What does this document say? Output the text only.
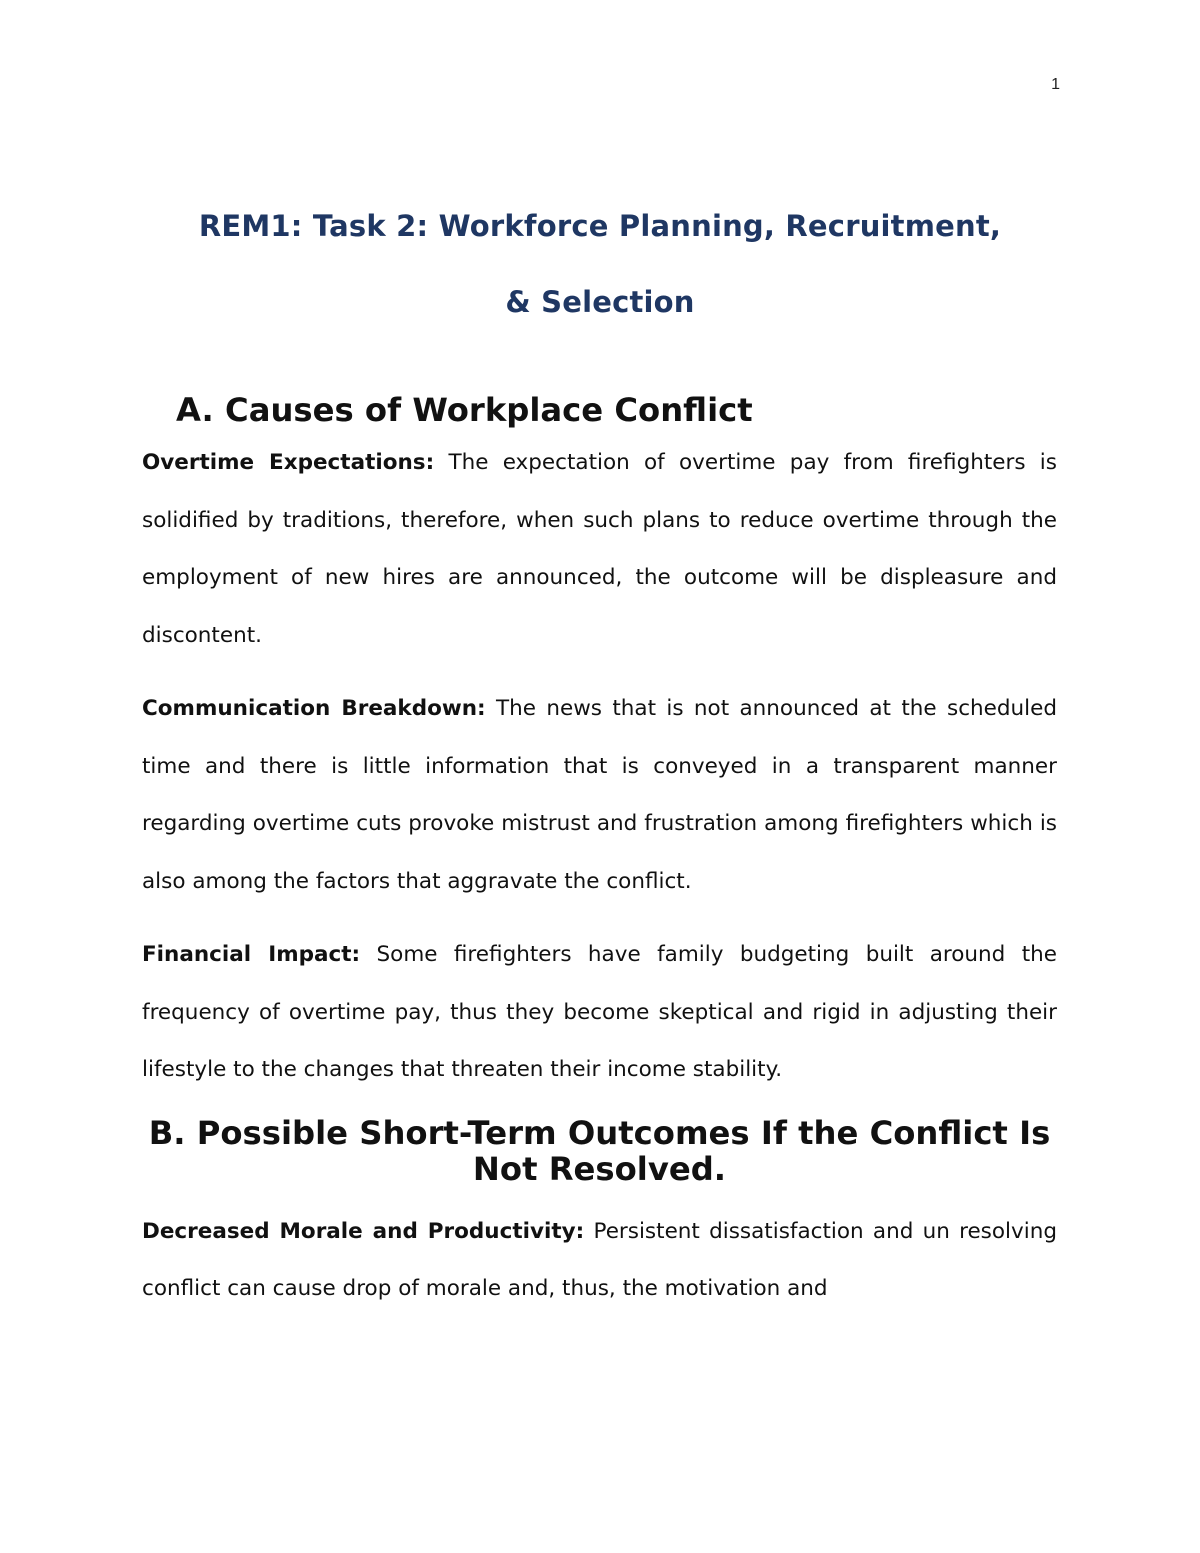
1
REM1: Task 2: Workforce Planning, Recruitment,
& Selection
A. Causes of Workplace Conflict

Overtime Expectations: The expectation of overtime pay from firefighters is solidified by traditions, therefore, when such plans to reduce overtime through the employment of new hires are announced, the outcome will be displeasure and discontent.

Communication Breakdown: The news that is not announced at the scheduled time and there is little information that is conveyed in a transparent manner regarding overtime cuts provoke mistrust and frustration among firefighters which is also among the factors that aggravate the conflict.

Financial Impact: Some firefighters have family budgeting built around the frequency of overtime pay, thus they become skeptical and rigid in adjusting their lifestyle to the changes that threaten their income stability.

B. Possible Short-Term Outcomes If the Conflict Is Not Resolved.

Decreased Morale and Productivity: Persistent dissatisfaction and un resolving conflict can cause drop of morale and, thus, the motivation and
